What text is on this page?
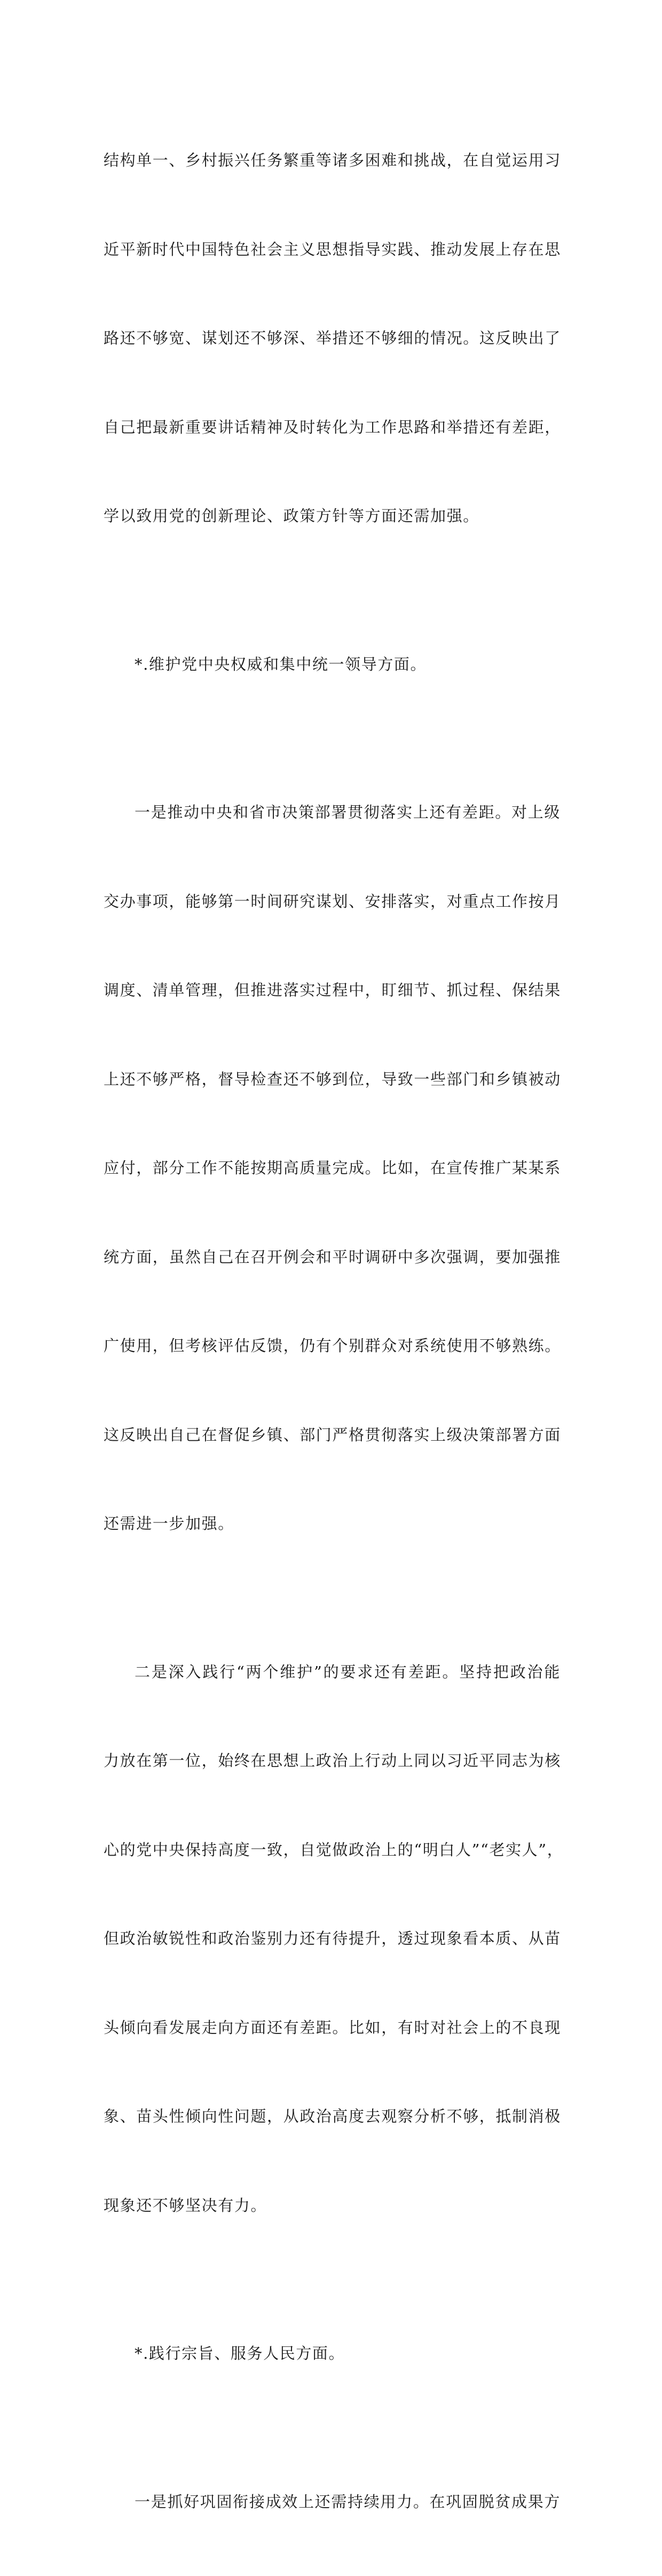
结构单一、乡村振兴任务繁重等诸多困难和挑战，在自觉运用习

近平新时代中国特色社会主义思想指导实践、推动发展上存在思

路还不够宽、谋划还不够深、举措还不够细的情况。这反映出了

自己把最新重要讲话精神及时转化为工作思路和举措还有差距，

学以致用党的创新理论、政策方针等方面还需加强。

*.维护党中央权威和集中统一领导方面。

一是推动中央和省市决策部署贯彻落实上还有差距。对上级

交办事项，能够第一时间研究谋划、安排落实，对重点工作按月

调度、清单管理，但推进落实过程中，盯细节、抓过程、保结果

上还不够严格，督导检查还不够到位，导致一些部门和乡镇被动

应付，部分工作不能按期高质量完成。比如，在宣传推广某某系

统方面，虽然自己在召开例会和平时调研中多次强调，要加强推

广使用，但考核评估反馈，仍有个别群众对系统使用不够熟练。

这反映出自己在督促乡镇、部门严格贯彻落实上级决策部署方面

还需进一步加强。

二是深入践行“两个维护”的要求还有差距。坚持把政治能

力放在第一位，始终在思想上政治上行动上同以习近平同志为核

心的党中央保持高度一致，自觉做政治上的“明白人”“老实人”，

但政治敏锐性和政治鉴别力还有待提升，透过现象看本质、从苗

头倾向看发展走向方面还有差距。比如，有时对社会上的不良现

象、苗头性倾向性问题，从政治高度去观察分析不够，抵制消极

现象还不够坚决有力。

*.践行宗旨、服务人民方面。

一是抓好巩固衔接成效上还需持续用力。在巩固脱贫成果方
